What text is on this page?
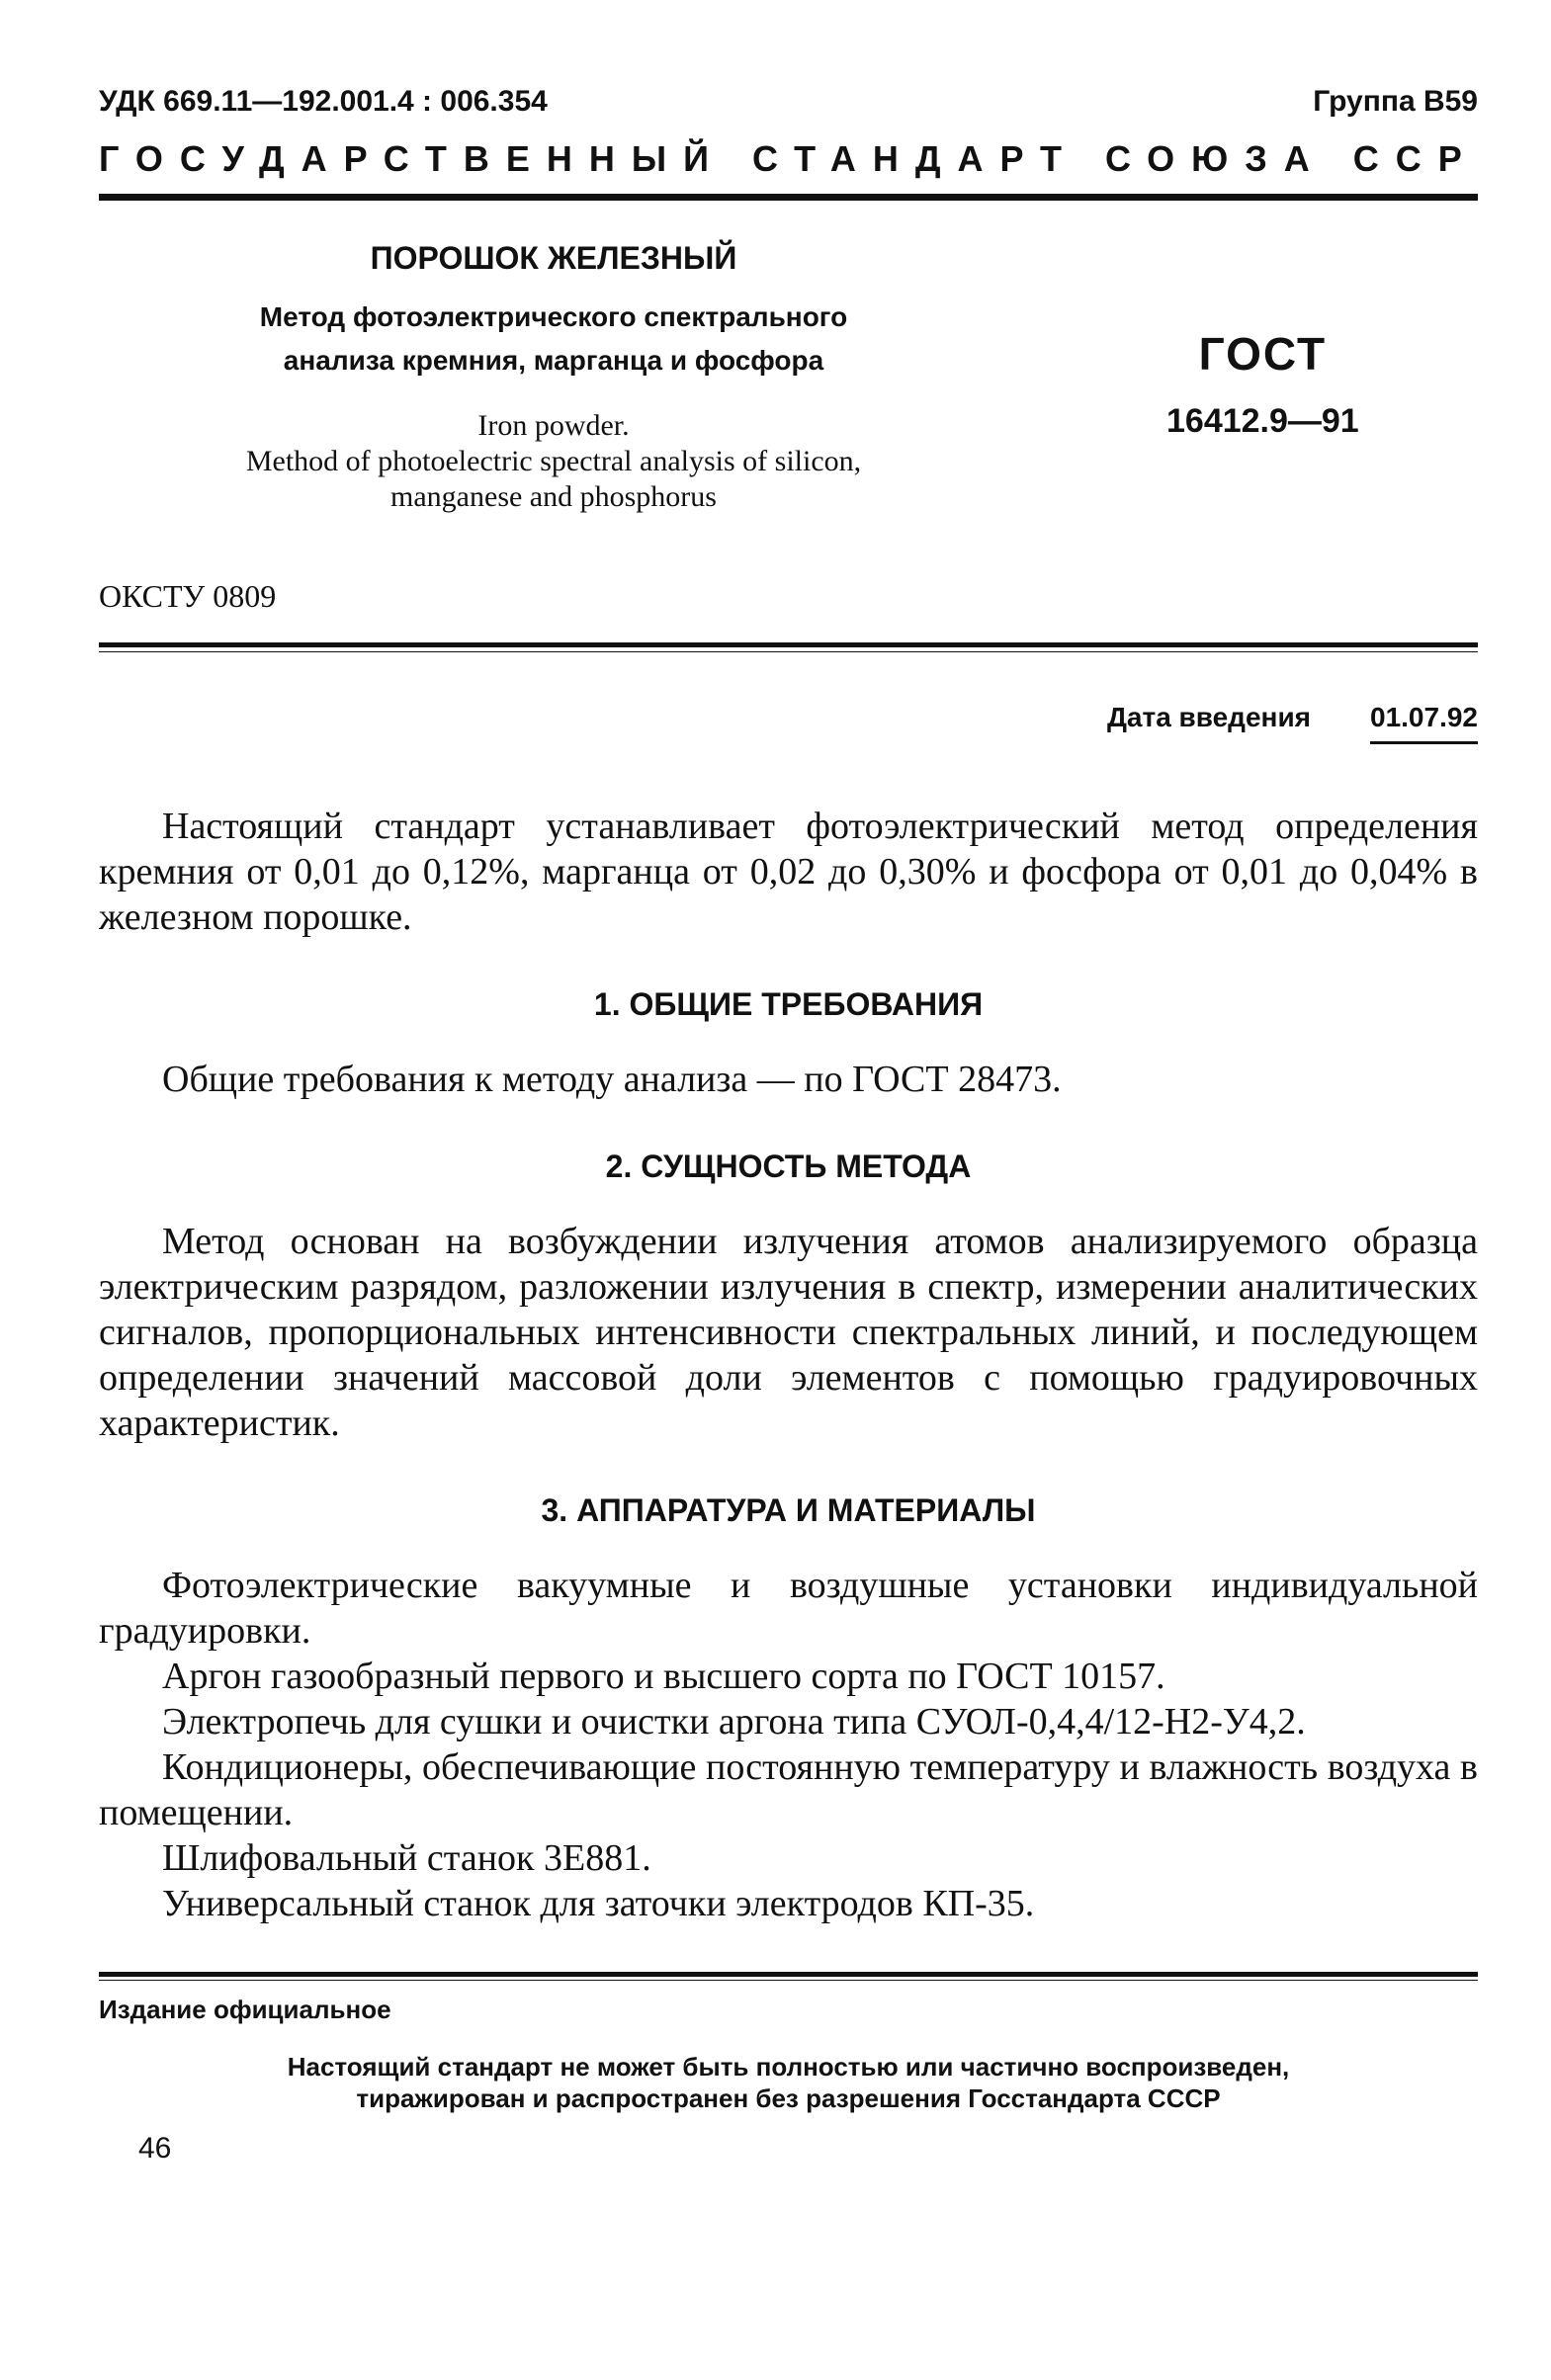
УДК 669.11—192.001.4 : 006.354	Группа В59
ГОСУДАРСТВЕННЫЙ СТАНДАРТ СОЮЗА ССР
ПОРОШОК ЖЕЛЕЗНЫЙ
Метод фотоэлектрического спектрального
анализа кремния, марганца и фосфора
Iron powder.
Method of photoelectric spectral analysis of silicon,
manganese and phosphorus
ГОСТ
16412.9—91
ОКСТУ 0809
Дата введения 01.07.92

Настоящий стандарт устанавливает фотоэлектрический метод определения кремния от 0,01 до 0,12%, марганца от 0,02 до 0,30% и фосфора от 0,01 до 0,04% в железном порошке.

1. ОБЩИЕ ТРЕБОВАНИЯ

Общие требования к методу анализа — по ГОСТ 28473.

2. СУЩНОСТЬ МЕТОДА

Метод основан на возбуждении излучения атомов анализируемого образца электрическим разрядом, разложении излучения в спектр, измерении аналитических сигналов, пропорциональных интенсивности спектральных линий, и последующем определении значений массовой доли элементов с помощью градуировочных характеристик.

3. АППАРАТУРА И МАТЕРИАЛЫ

Фотоэлектрические вакуумные и воздушные установки индивидуальной градуировки.

Аргон газообразный первого и высшего сорта по ГОСТ 10157.

Электропечь для сушки и очистки аргона типа СУОЛ-0,4,4/12-Н2-У4,2.

Кондиционеры, обеспечивающие постоянную температуру и влажность воздуха в помещении.

Шлифовальный станок 3Е881.

Универсальный станок для заточки электродов КП-35.

Издание официальное
Настоящий стандарт не может быть полностью или частично воспроизведен,
тиражирован и распространен без разрешения Госстандарта СССР
46
